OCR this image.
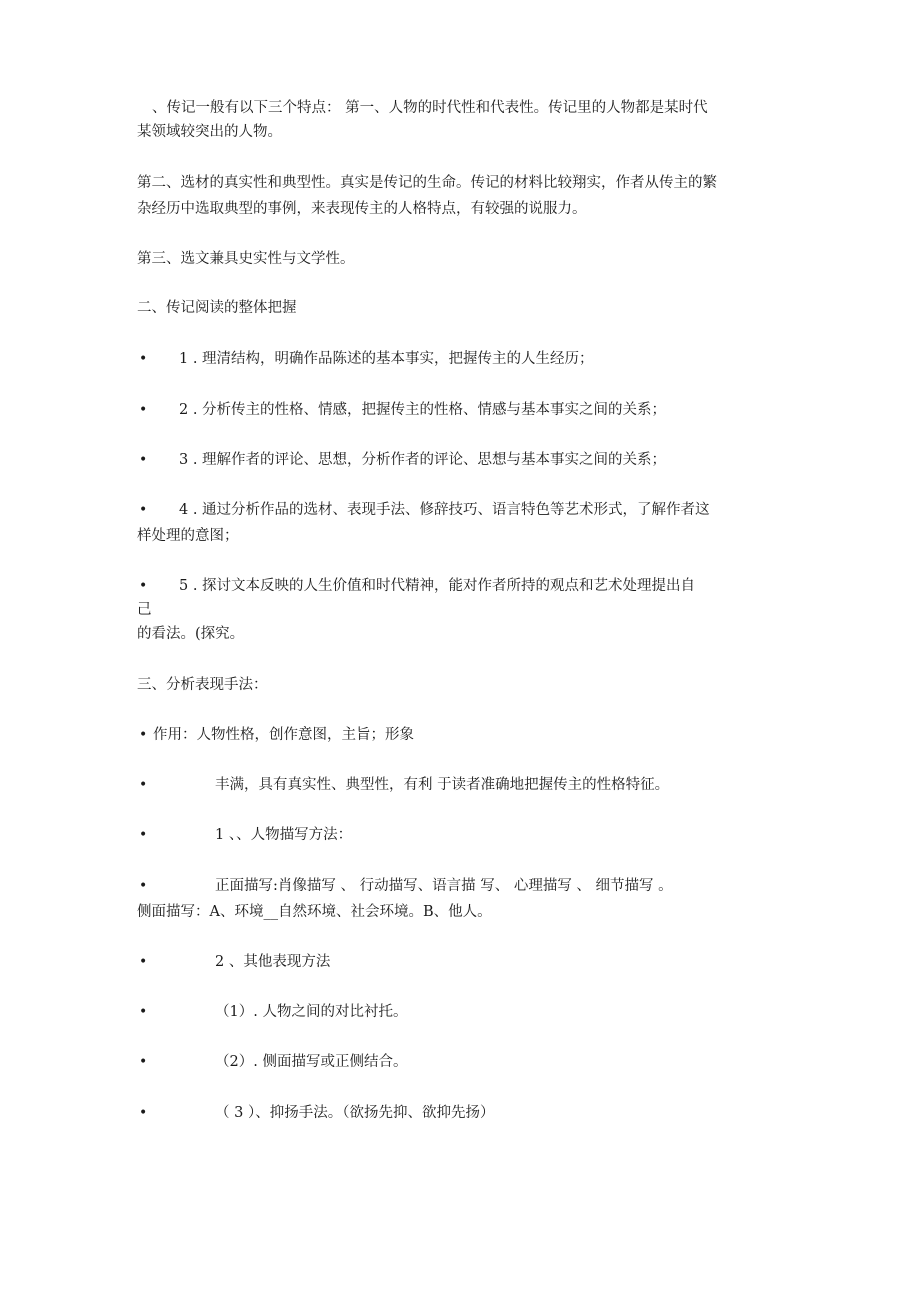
、传记一般有以下三个特点： 第一、人物的时代性和代表性。传记里的人物都是某时代
某领域较突出的人物。
第二、选材的真实性和典型性。真实是传记的生命。传记的材料比较翔实，作者从传主的繁
杂经历中选取典型的事例，来表现传主的人格特点，有较强的说服力。
第三、选文兼具史实性与文学性。
二、传记阅读的整体把握
• 1 . 理清结构，明确作品陈述的基本事实，把握传主的人生经历；
• 2 . 分析传主的性格、情感，把握传主的性格、情感与基本事实之间的关系；
• 3 . 理解作者的评论、思想，分析作者的评论、思想与基本事实之间的关系；
• 4 . 通过分析作品的选材、表现手法、修辞技巧、语言特色等艺术形式，了解作者这
样处理的意图；
• 5 . 探讨文本反映的人生价值和时代精神，能对作者所持的观点和艺术处理提出自
己
的看法。(探究。
三、分析表现手法：
• 作用：人物性格，创作意图，主旨；形象
•	丰满，具有真实性、典型性，有利 于读者准确地把握传主的性格特征。
•	1 、、人物描写方法：
•	正面描写:肖像描写 、 行动描写、语言描 写、 心理描写 、 细节描写 。
侧面描写：A、环境__自然环境、社会环境。B、他人。
•	2 、其他表现方法
•	（1）. 人物之间的对比衬托。
•	（2）. 侧面描写或正侧结合。
•	（ 3 ）、抑扬手法。（欲扬先抑、欲抑先扬）
